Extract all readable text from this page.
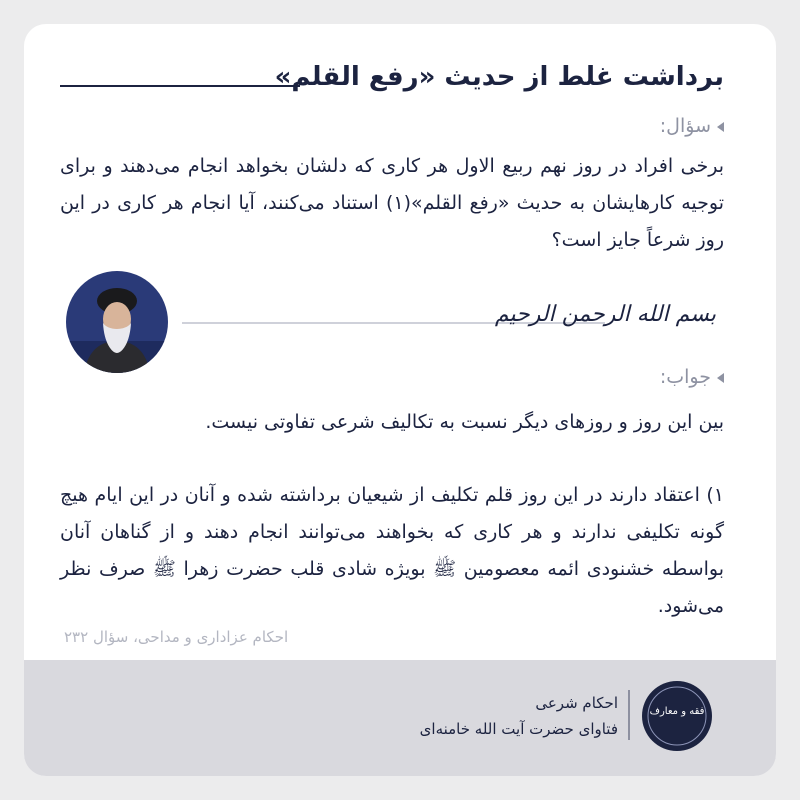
برداشت غلط از حدیث «رفع القلم»
سؤال:
برخی افراد در روز نهم ربیع الاول هر کاری که دلشان بخواهد انجام می‌دهند و برای توجیه کارهایشان به حدیث «رفع القلم»(۱) استناد می‌کنند، آیا انجام هر کاری در این روز شرعاً جایز است؟
بسم الله الرحمن الرحیم
جواب:
بین این روز و روزهای دیگر نسبت به تکالیف شرعی تفاوتی نیست.
۱) اعتقاد دارند در این روز قلم تکلیف از شیعیان برداشته شده و آنان در این ایام هیچ گونه تکلیفی ندارند و هر کاری که بخواهند می‌توانند انجام دهند و از گناهان آنان بواسطه خشنودی ائمه معصومین ﷺ بویژه شادی قلب حضرت زهرا ﷺ صرف نظر می‌شود.
احکام عزاداری و مداحی، سؤال ۲۳۲
فقه و معارف
احکام شرعی
فتاوای حضرت آیت الله خامنه‌ای
